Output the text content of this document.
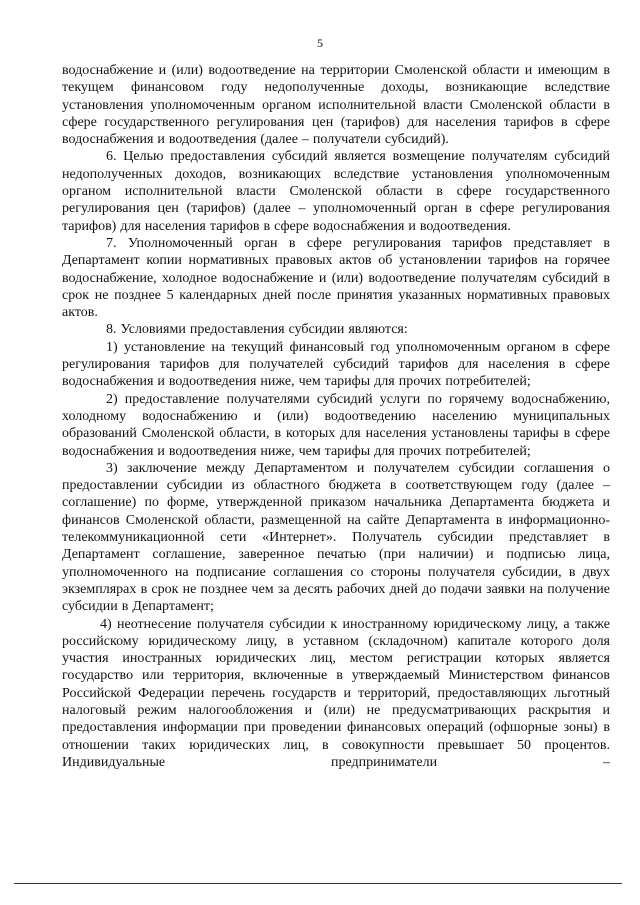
5

водоснабжение и (или) водоотведение на территории Смоленской области и имеющим в текущем финансовом году недополученные доходы, возникающие вследствие установления уполномоченным органом исполнительной власти Смоленской области в сфере государственного регулирования цен (тарифов) для населения тарифов в сфере водоснабжения и водоотведения (далее – получатели субсидий).

6. Целью предоставления субсидий является возмещение получателям субсидий недополученных доходов, возникающих вследствие установления уполномоченным органом исполнительной власти Смоленской области в сфере государственного регулирования цен (тарифов) (далее – уполномоченный орган в сфере регулирования тарифов) для населения тарифов в сфере водоснабжения и водоотведения.

7. Уполномоченный орган в сфере регулирования тарифов представляет в Департамент копии нормативных правовых актов об установлении тарифов на горячее водоснабжение, холодное водоснабжение и (или) водоотведение получателям субсидий в срок не позднее 5 календарных дней после принятия указанных нормативных правовых актов.

8. Условиями предоставления субсидии являются:

1) установление на текущий финансовый год уполномоченным органом в сфере регулирования тарифов для получателей субсидий тарифов для населения в сфере водоснабжения и водоотведения ниже, чем тарифы для прочих потребителей;

2) предоставление получателями субсидий услуги по горячему водоснабжению, холодному водоснабжению и (или) водоотведению населению муниципальных образований Смоленской области, в которых для населения установлены тарифы в сфере водоснабжения и водоотведения ниже, чем тарифы для прочих потребителей;

3) заключение между Департаментом и получателем субсидии соглашения о предоставлении субсидии из областного бюджета в соответствующем году (далее – соглашение) по форме, утвержденной приказом начальника Департамента бюджета и финансов Смоленской области, размещенной на сайте Департамента в информационно-телекоммуникационной сети «Интернет». Получатель субсидии представляет в Департамент соглашение, заверенное печатью (при наличии) и подписью лица, уполномоченного на подписание соглашения со стороны получателя субсидии, в двух экземплярах в срок не позднее чем за десять рабочих дней до подачи заявки на получение субсидии в Департамент;

4) неотнесение получателя субсидии к иностранному юридическому лицу, а также российскому юридическому лицу, в уставном (складочном) капитале которого доля участия иностранных юридических лиц, местом регистрации которых является государство или территория, включенные в утверждаемый Министерством финансов Российской Федерации перечень государств и территорий, предоставляющих льготный налоговый режим налогообложения и (или) не предусматривающих раскрытия и предоставления информации при проведении финансовых операций (офшорные зоны) в отношении таких юридических лиц, в совокупности превышает 50 процентов. Индивидуальные предприниматели –
